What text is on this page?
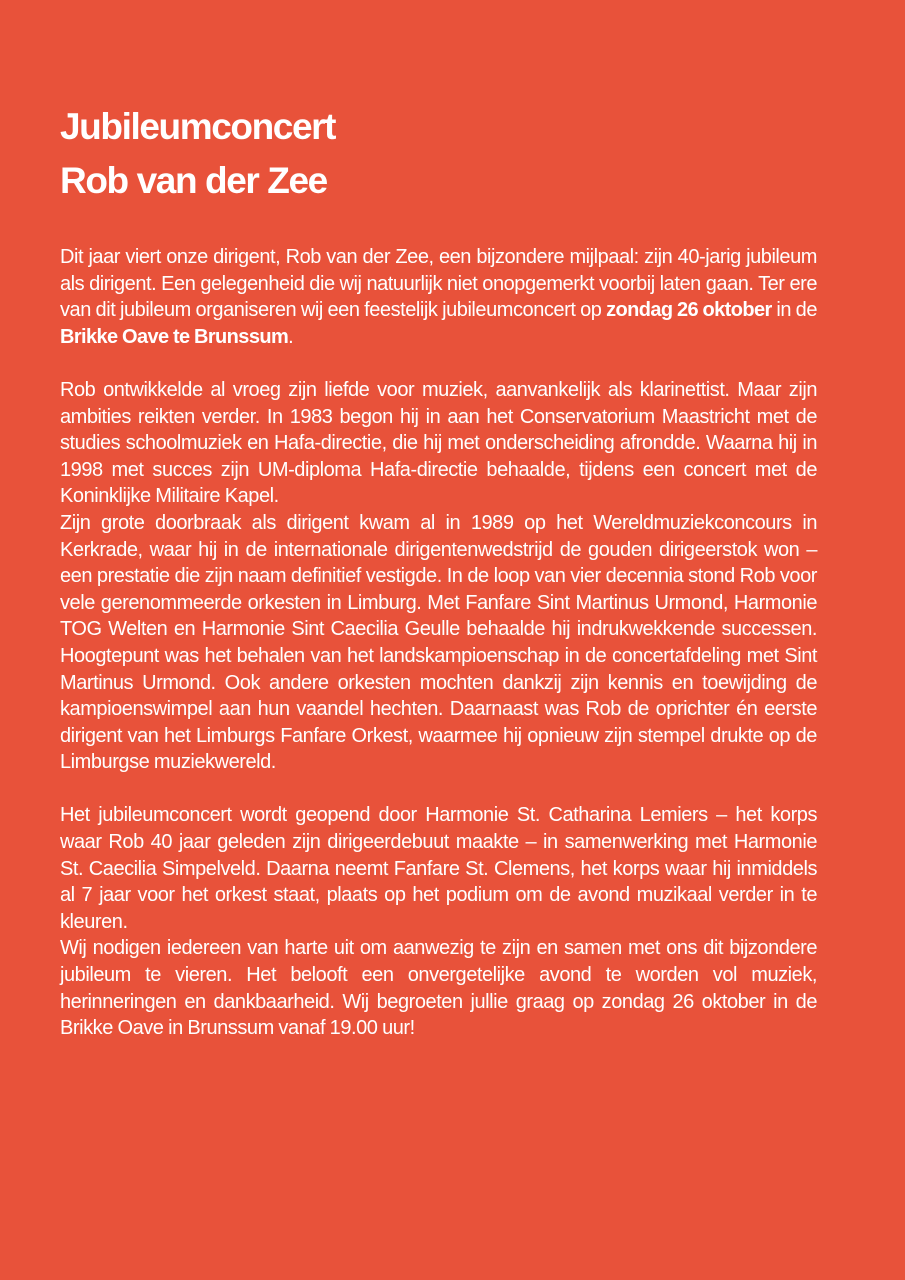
Jubileumconcert
Rob van der Zee

Dit jaar viert onze dirigent, Rob van der Zee, een bijzondere mijlpaal: zijn 40-jarig jubileum als dirigent. Een gelegenheid die wij natuurlijk niet onopgemerkt voorbij laten gaan. Ter ere van dit jubileum organiseren wij een feestelijk jubileumconcert op zondag 26 oktober in de Brikke Oave te Brunssum.

Rob ontwikkelde al vroeg zijn liefde voor muziek, aanvankelijk als klarinettist. Maar zijn ambities reikten verder. In 1983 begon hij in aan het Conservatorium Maastricht met de studies schoolmuziek en Hafa-directie, die hij met onderscheiding afrondde. Waarna hij in 1998 met succes zijn UM-diploma Hafa-directie behaalde, tijdens een concert met de Koninklijke Militaire Kapel.

Zijn grote doorbraak als dirigent kwam al in 1989 op het Wereldmuziekconcours in Kerkrade, waar hij in de internationale dirigentenwedstrijd de gouden dirigeerstok won – een prestatie die zijn naam definitief vestigde. In de loop van vier decennia stond Rob voor vele gerenommeerde orkesten in Limburg. Met Fanfare Sint Martinus Urmond, Harmonie TOG Welten en Harmonie Sint Caecilia Geulle behaalde hij indrukwekkende successen. Hoogtepunt was het behalen van het landskampioenschap in de concertafdeling met Sint Martinus Urmond. Ook andere orkesten mochten dankzij zijn kennis en toewijding de kampioenswimpel aan hun vaandel hechten. Daarnaast was Rob de oprichter én eerste dirigent van het Limburgs Fanfare Orkest, waarmee hij opnieuw zijn stempel drukte op de Limburgse muziekwereld.

Het jubileumconcert wordt geopend door Harmonie St. Catharina Lemiers – het korps waar Rob 40 jaar geleden zijn dirigeerdebuut maakte – in samenwerking met Harmonie St. Caecilia Simpelveld. Daarna neemt Fanfare St. Clemens, het korps waar hij inmiddels al 7 jaar voor het orkest staat, plaats op het podium om de avond muzikaal verder in te kleuren.

Wij nodigen iedereen van harte uit om aanwezig te zijn en samen met ons dit bijzondere jubileum te vieren. Het belooft een onvergetelijke avond te worden vol muziek, herinneringen en dankbaarheid. Wij begroeten jullie graag op zondag 26 oktober in de Brikke Oave in Brunssum vanaf 19.00 uur!
